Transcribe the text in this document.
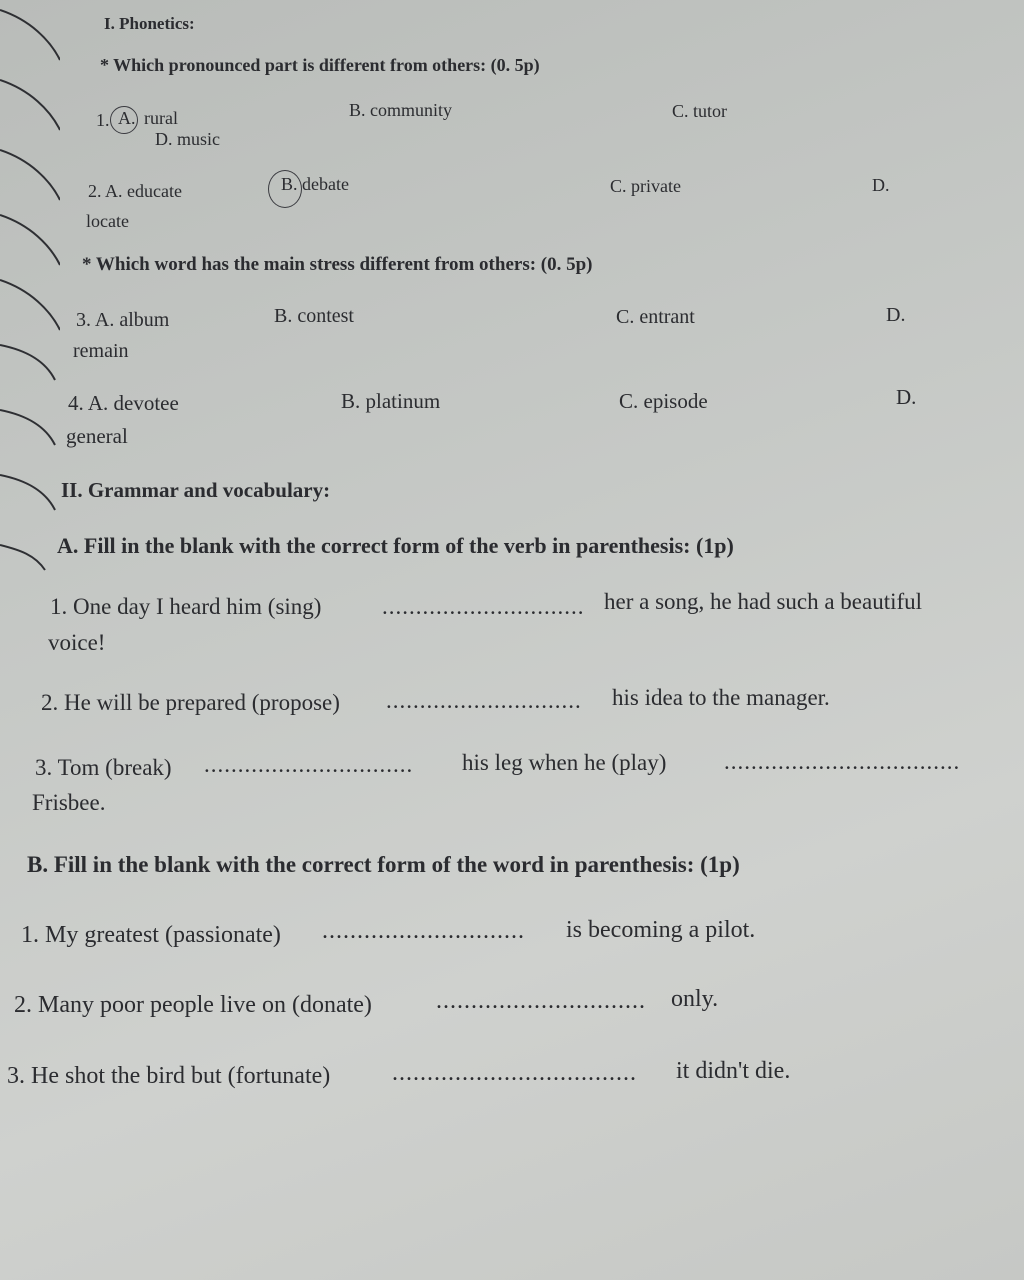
I. Phonetics:
* Which pronounced part is different from others: (0. 5p)
1. A. rural	B. community	C. tutor
D. music
2. A. educate	B. debate	C. private	D.
locate
* Which word has the main stress different from others: (0. 5p)
3. A. album	B. contest	C. entrant	D.
remain
4. A. devotee	B. platinum	C. episode	D.
general
II. Grammar and vocabulary:
A. Fill in the blank with the correct form of the verb in parenthesis: (1p)
1. One day I heard him (sing)	.............................. her a song, he had such a beautiful
voice!
2. He will be prepared (propose) ............................. his idea to the manager.
3. Tom (break) ............................... his leg when he (play)	...................................
Frisbee.
B. Fill in the blank with the correct form of the word in parenthesis: (1p)
1. My greatest (passionate) ............................. is becoming a pilot.
2. Many poor people live on (donate)	.............................. only.
3. He shot the bird but (fortunate)	................................... it didn't die.
